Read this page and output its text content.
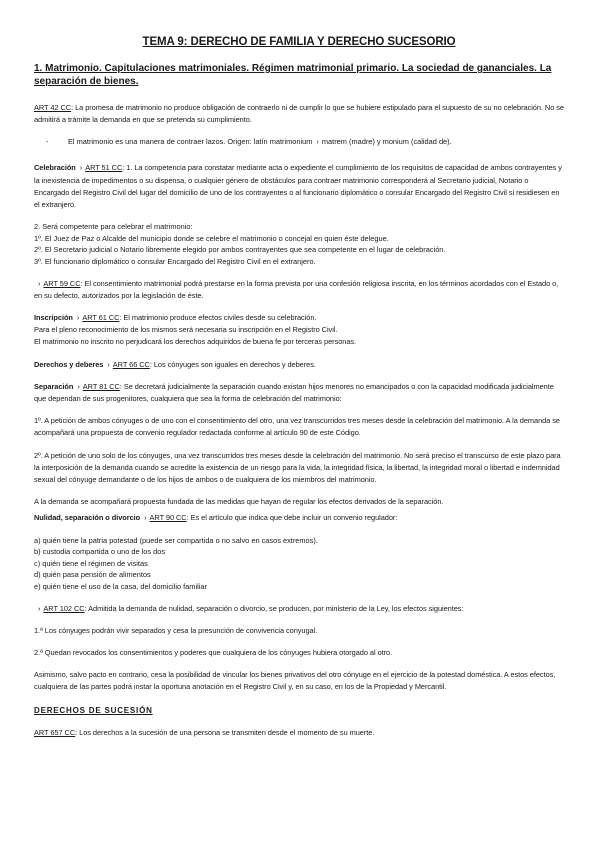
TEMA 9: DERECHO DE FAMILIA Y DERECHO SUCESORIO
1. Matrimonio. Capitulaciones matrimoniales. Régimen matrimonial primario. La sociedad de gananciales. La separación de bienes.
ART 42 CC: La promesa de matrimonio no produce obligación de contraerlo ni de cumplir lo que se hubiere estipulado para el supuesto de su no celebración. No se admitirá a trámite la demanda en que se pretenda su cumplimiento.
-	El matrimonio es una manera de contraer lazos. Origen: latín matrimonium › matrem (madre) y monium (calidad de).
Celebración › ART 51 CC: 1. La competencia para constatar mediante acta o expediente el cumplimiento de los requisitos de capacidad de ambos contrayentes y la inexistencia de impedimentos o su dispensa, o cualquier género de obstáculos para contraer matrimonio corresponderá al Secretario judicial, Notario o Encargado del Registro Civil del lugar del domicilio de uno de los contrayentes o al funcionario diplomático o consular Encargado del Registro Civil si residiesen en el extranjero.
2. Será competente para celebrar el matrimonio:
1º. El Juez de Paz o Alcalde del municipio donde se celebre el matrimonio o concejal en quien éste delegue.
2º. El Secretario judicial o Notario libremente elegido por ambos contrayentes que sea competente en el lugar de celebración.
3º. El funcionario diplomático o consular Encargado del Registro Civil en el extranjero.
› ART 59 CC: El consentimiento matrimonial podrá prestarse en la forma prevista por una confesión religiosa inscrita, en los términos acordados con el Estado o, en su defecto, autorizados por la legislación de éste.
Inscripción › ART 61 CC: El matrimonio produce efectos civiles desde su celebración.
Para el pleno reconocimiento de los mismos será necesaria su inscripción en el Registro Civil.
El matrimonio no inscrito no perjudicará los derechos adquiridos de buena fe por terceras personas.
Derechos y deberes › ART 66 CC: Los cónyuges son iguales en derechos y deberes.
Separación › ART 81 CC: Se decretará judicialmente la separación cuando existan hijos menores no emancipados o con la capacidad modificada judicialmente que dependan de sus progenitores, cualquiera que sea la forma de celebración del matrimonio:
1º. A petición de ambos cónyuges o de uno con el consentimiento del otro, una vez transcurridos tres meses desde la celebración del matrimonio. A la demanda se acompañará una propuesta de convenio regulador redactada conforme al artículo 90 de este Código.
2º. A petición de uno solo de los cónyuges, una vez transcurridos tres meses desde la celebración del matrimonio. No será preciso el transcurso de este plazo para la interposición de la demanda cuando se acredite la existencia de un riesgo para la vida, la integridad física, la libertad, la integridad moral o libertad e indemnidad sexual del cónyuge demandante o de los hijos de ambos o de cualquiera de los miembros del matrimonio.
A la demanda se acompañará propuesta fundada de las medidas que hayan de regular los efectos derivados de la separación.
Nulidad, separación o divorcio › ART 90 CC: Es el artículo que indica que debe incluir un convenio regulador:
a) quién tiene la patria potestad (puede ser compartida o no salvo en casos extremos).
b) custodia compartida o uno de los dos
c) quién tiene el régimen de visitas
d) quién pasa pensión de alimentos
e) quién tiene el uso de la casa, del domicilio familiar
› ART 102 CC: Admitida la demanda de nulidad, separación o divorcio, se producen, por ministerio de la Ley, los efectos siguientes:
1.ª Los cónyuges podrán vivir separados y cesa la presunción de convivencia conyugal.
2.ª Quedan revocados los consentimientos y poderes que cualquiera de los cónyuges hubiera otorgado al otro.
Asimismo, salvo pacto en contrario, cesa la posibilidad de vincular los bienes privativos del otro cónyuge en el ejercicio de la potestad doméstica. A estos efectos, cualquiera de las partes podrá instar la oportuna anotación en el Registro Civil y, en su caso, en los de la Propiedad y Mercantil.
DERECHOS DE SUCESIÓN
ART 657 CC: Los derechos a la sucesión de una persona se transmiten desde el momento de su muerte.
